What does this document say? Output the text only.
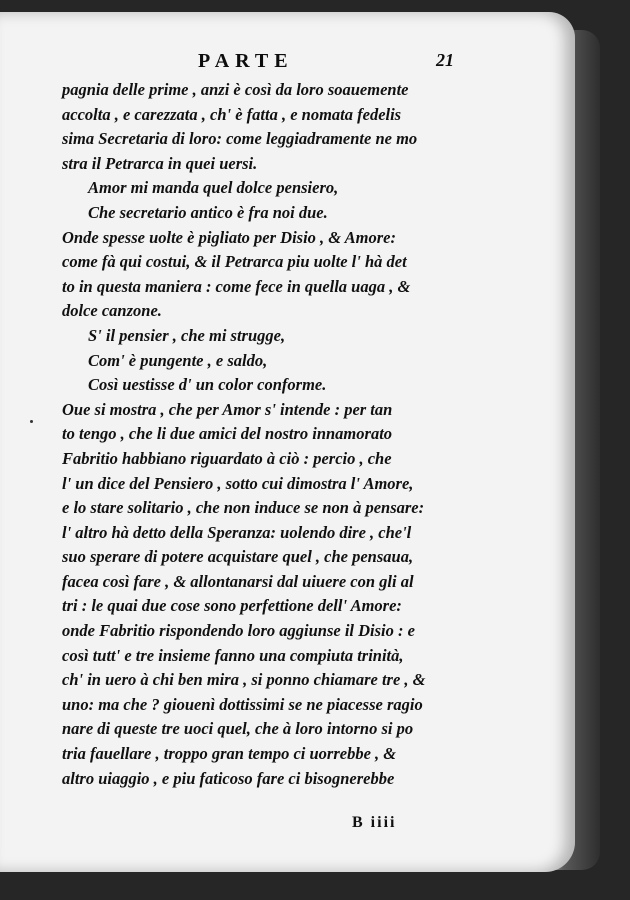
PARTE	21
pagnia delle prime , anzi è così da loro soauemente
accolta , e carezzata , ch' è fatta , e nomata fedelis
sima Secretaria di loro: come leggiadramente ne mo
stra il Petrarca in quei uersi.
Amor mi manda quel dolce pensiero,
Che secretario antico è fra noi due.
Onde spesse uolte è pigliato per Disio , & Amore:
come fà qui costui, & il Petrarca piu uolte l' hà det
to in questa maniera : come fece in quella uaga , &
dolce canzone.
S' il pensier , che mi strugge,
Com' è pungente , e saldo,
Così uestisse d' un color conforme.
Oue si mostra , che per Amor s' intende : per tan
to tengo , che li due amici del nostro innamorato
Fabritio habbiano riguardato à ciò : percio , che
l' un dice del Pensiero , sotto cui dimostra l' Amore,
e lo stare solitario , che non induce se non à pensare:
l' altro hà detto della Speranza: uolendo dire , che'l
suo sperare di potere acquistare quel , che pensaua,
facea così fare , & allontanarsi dal uiuere con gli al
tri : le quai due cose sono perfettione dell' Amore:
onde Fabritio rispondendo loro aggiunse il Disio : e
così tutt' e tre insieme fanno una compiuta trinità,
ch' in uero à chi ben mira , si ponno chiamare tre , &
uno: ma che ? giouenì dottissimi se ne piacesse ragio
nare di queste tre uoci quel, che à loro intorno si po
tria fauellare , troppo gran tempo ci uorrebbe , &
altro uiaggio , e piu faticoso fare ci bisognerebbe
B iiii
